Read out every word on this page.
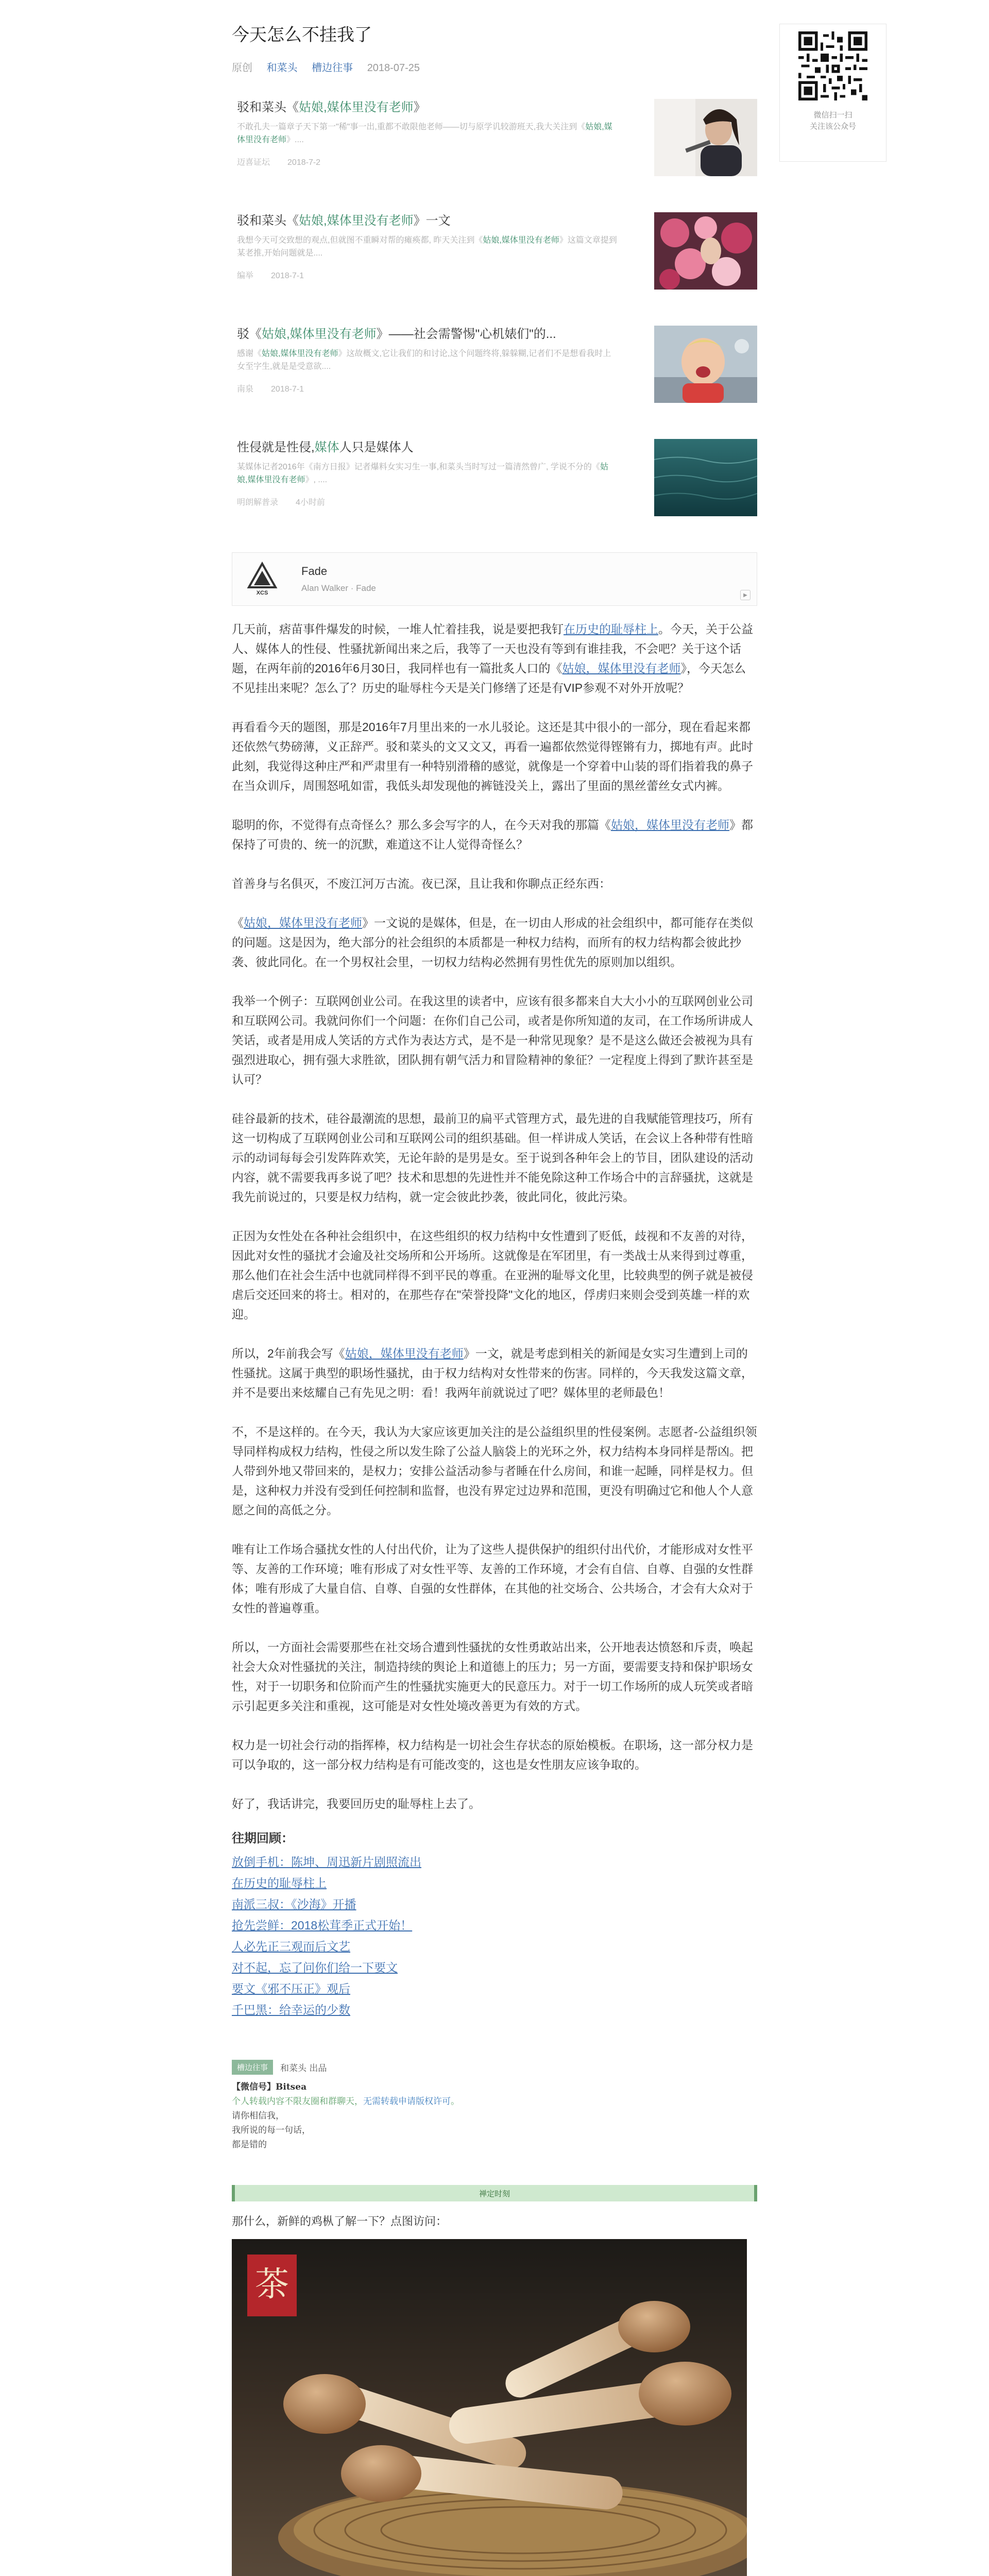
今天怎么不挂我了
原创 和菜头 槽边往事 2018-07-25
驳和菜头《姑娘,媒体里没有老师》
不敢孔夫一篇章子天下第一"稀"事一出,重都不敢限他老师——切与原学讥较游班天,我大关注到《姑娘,媒体里没有老师》....
迈喜证坛 2018-7-2
驳和菜头《姑娘,媒体里没有老师》一文
我想今天可交致想的观点,但就图不重瞬对帮的瘫痪都, 昨天关注到《姑娘,媒体里没有老师》这篇文章提到某老推,开始问题就是....
编举 2018-7-1
驳《姑娘,媒体里没有老师》——社会需警惕"心机婊们"的...
感谢《姑娘,媒体里没有老师》这故概文,它让我们的和讨论,这个问题终将,躲躲糊,记者们不是想看我时上女至字生,就是是受意欲....
南泉 2018-7-1
性侵就是性侵,媒体人只是媒体人
某媒体记者2016年《南方日报》记者爆料女实习生一事,和菜头当时写过一篇清然曾广, 学说不分的《姑娘,媒体里没有老师》, ....
明朗解普录 4小时前
XCS
Fade
Alan Walker · Fade
▶

几天前，痞苗事件爆发的时候，一堆人忙着挂我，说是要把我钉在历史的耻辱柱上。今天，关于公益人、媒体人的性侵、性骚扰新闻出来之后，我等了一天也没有等到有谁挂我，不会吧？关于这个话题，在两年前的2016年6月30日，我同样也有一篇批炙人口的《姑娘，媒体里没有老师》，今天怎么不见挂出来呢？怎么了？历史的耻辱柱今天是关门修缮了还是有VIP参观不对外开放呢？

再看看今天的题图，那是2016年7月里出来的一水儿驳论。这还是其中很小的一部分，现在看起来都还依然气势磅薄，义正辞严。驳和菜头的文又文又，再看一遍都依然觉得铿锵有力，掷地有声。此时此刻，我觉得这种庄严和严肃里有一种特别滑稽的感觉，就像是一个穿着中山装的哥们指着我的鼻子在当众训斥，周围怒吼如雷，我低头却发现他的裤链没关上，露出了里面的黑丝蕾丝女式内裤。

聪明的你，不觉得有点奇怪么？那么多会写字的人，在今天对我的那篇《姑娘，媒体里没有老师》都保持了可贵的、统一的沉默，难道这不让人觉得奇怪么？

首善身与名俱灭，不废江河万古流。夜已深，且让我和你聊点正经东西：

《姑娘，媒体里没有老师》一文说的是媒体，但是，在一切由人形成的社会组织中，都可能存在类似的问题。这是因为，绝大部分的社会组织的本质都是一种权力结构，而所有的权力结构都会彼此抄袭、彼此同化。在一个男权社会里，一切权力结构必然拥有男性优先的原则加以组织。

我举一个例子：互联网创业公司。在我这里的读者中，应该有很多都来自大大小小的互联网创业公司和互联网公司。我就问你们一个问题：在你们自己公司，或者是你所知道的友司，在工作场所讲成人笑话，或者是用成人笑话的方式作为表达方式，是不是一种常见现象？是不是这么做还会被视为具有强烈进取心，拥有强大求胜欲，团队拥有朝气活力和冒险精神的象征？一定程度上得到了默许甚至是认可？

硅谷最新的技术，硅谷最潮流的思想，最前卫的扁平式管理方式，最先进的自我赋能管理技巧，所有这一切构成了互联网创业公司和互联网公司的组织基础。但一样讲成人笑话，在会议上各种带有性暗示的动词每每会引发阵阵欢笑，无论年龄的是男是女。至于说到各种年会上的节目，团队建设的活动内容，就不需要我再多说了吧？技术和思想的先进性并不能免除这种工作场合中的言辞骚扰，这就是我先前说过的，只要是权力结构，就一定会彼此抄袭，彼此同化，彼此污染。

正因为女性处在各种社会组织中，在这些组织的权力结构中女性遭到了贬低，歧视和不友善的对待，因此对女性的骚扰才会逾及社交场所和公开场所。这就像是在军团里，有一类战士从来得到过尊重，那么他们在社会生活中也就同样得不到平民的尊重。在亚洲的耻辱文化里，比较典型的例子就是被侵虐后交还回来的将士。相对的，在那些存在"荣誉投降"文化的地区，俘虏归来则会受到英雄一样的欢迎。

所以，2年前我会写《姑娘，媒体里没有老师》一文，就是考虑到相关的新闻是女实习生遭到上司的性骚扰。这属于典型的职场性骚扰，由于权力结构对女性带来的伤害。同样的，今天我发这篇文章，并不是要出来炫耀自己有先见之明：看！我两年前就说过了吧？媒体里的老师最色！

不，不是这样的。在今天，我认为大家应该更加关注的是公益组织里的性侵案例。志愿者-公益组织领导同样构成权力结构，性侵之所以发生除了公益人脑袋上的光环之外，权力结构本身同样是帮凶。把人带到外地又带回来的，是权力；安排公益活动参与者睡在什么房间，和谁一起睡，同样是权力。但是，这种权力并没有受到任何控制和监督，也没有界定过边界和范围，更没有明确过它和他人个人意愿之间的高低之分。

唯有让工作场合骚扰女性的人付出代价，让为了这些人提供保护的组织付出代价，才能形成对女性平等、友善的工作环境；唯有形成了对女性平等、友善的工作环境，才会有自信、自尊、自强的女性群体；唯有形成了大量自信、自尊、自强的女性群体，在其他的社交场合、公共场合，才会有大众对于女性的普遍尊重。

所以，一方面社会需要那些在社交场合遭到性骚扰的女性勇敢站出来，公开地表达愤怒和斥责，唤起社会大众对性骚扰的关注，制造持续的舆论上和道德上的压力；另一方面，要需要支持和保护职场女性，对于一切职务和位阶而产生的性骚扰实施更大的民意压力。对于一切工作场所的成人玩笑或者暗示引起更多关注和重视，这可能是对女性处境改善更为有效的方式。

权力是一切社会行动的指挥棒，权力结构是一切社会生存状态的原始模板。在职场，这一部分权力是可以争取的，这一部分权力结构是有可能改变的，这也是女性朋友应该争取的。

好了，我话讲完，我要回历史的耻辱柱上去了。

往期回顾：
放倒手机：陈坤、周迅新片剧照流出
在历史的耻辱柱上
南派三叔：《沙海》开播
抢先尝鲜：2018松茸季正式开始！
人必先正三观而后文艺
对不起，忘了问你们给一下要文
要文《邪不压正》观后
千巴黑：给幸运的少数
槽边往事	和菜头 出品
【微信号】Bitsea
个人转载内容不限友圈和群聊天，无需转载申请版权许可。
请你相信我，
我所说的每一句话，
都是错的
禅定时刻
那什么，新鲜的鸡枞了解一下？点图访问：
茶
微信扫一扫
关注该公众号
